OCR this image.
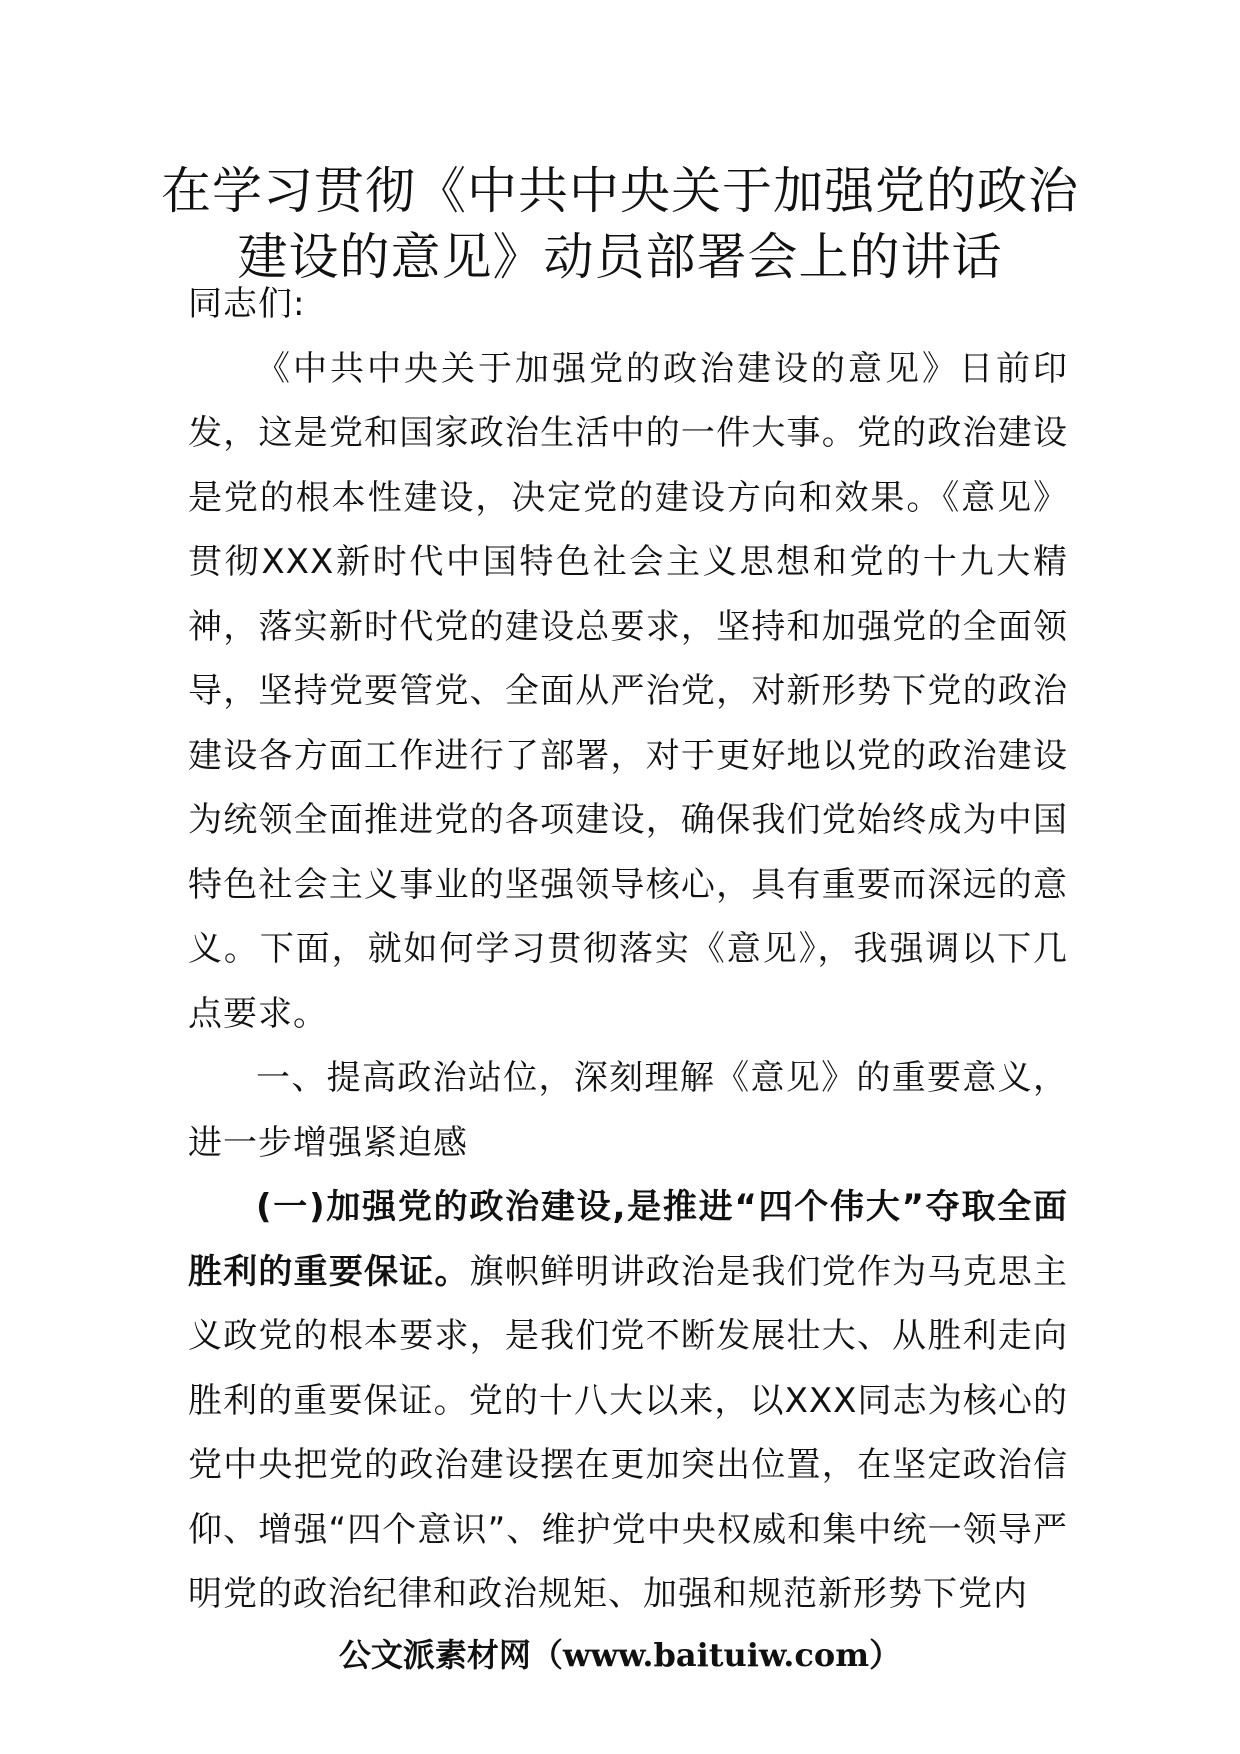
在学习贯彻《中共中央关于加强党的政治
建设的意见》动员部署会上的讲话

同志们:

《中共中央关于加强党的政治建设的意见》日前印发，这是党和国家政治生活中的一件大事。党的政治建设是党的根本性建设，决定党的建设方向和效果。《意见》贯彻XXX新时代中国特色社会主义思想和党的十九大精神，落实新时代党的建设总要求，坚持和加强党的全面领导，坚持党要管党、全面从严治党，对新形势下党的政治建设各方面工作进行了部署，对于更好地以党的政治建设为统领全面推进党的各项建设，确保我们党始终成为中国特色社会主义事业的坚强领导核心，具有重要而深远的意义。下面，就如何学习贯彻落实《意见》，我强调以下几点要求。

一、提高政治站位，深刻理解《意见》的重要意义，进一步增强紧迫感

(一)加强党的政治建设,是推进“四个伟大”夺取全面胜利的重要保证。旗帜鲜明讲政治是我们党作为马克思主义政党的根本要求，是我们党不断发展壮大、从胜利走向胜利的重要保证。党的十八大以来，以XXX同志为核心的党中央把党的政治建设摆在更加突出位置，在坚定政治信仰、增强“四个意识”、维护党中央权威和集中统一领导严明党的政治纪律和政治规矩、加强和规范新形势下党内

公文派素材网（www.baituiw.com）
